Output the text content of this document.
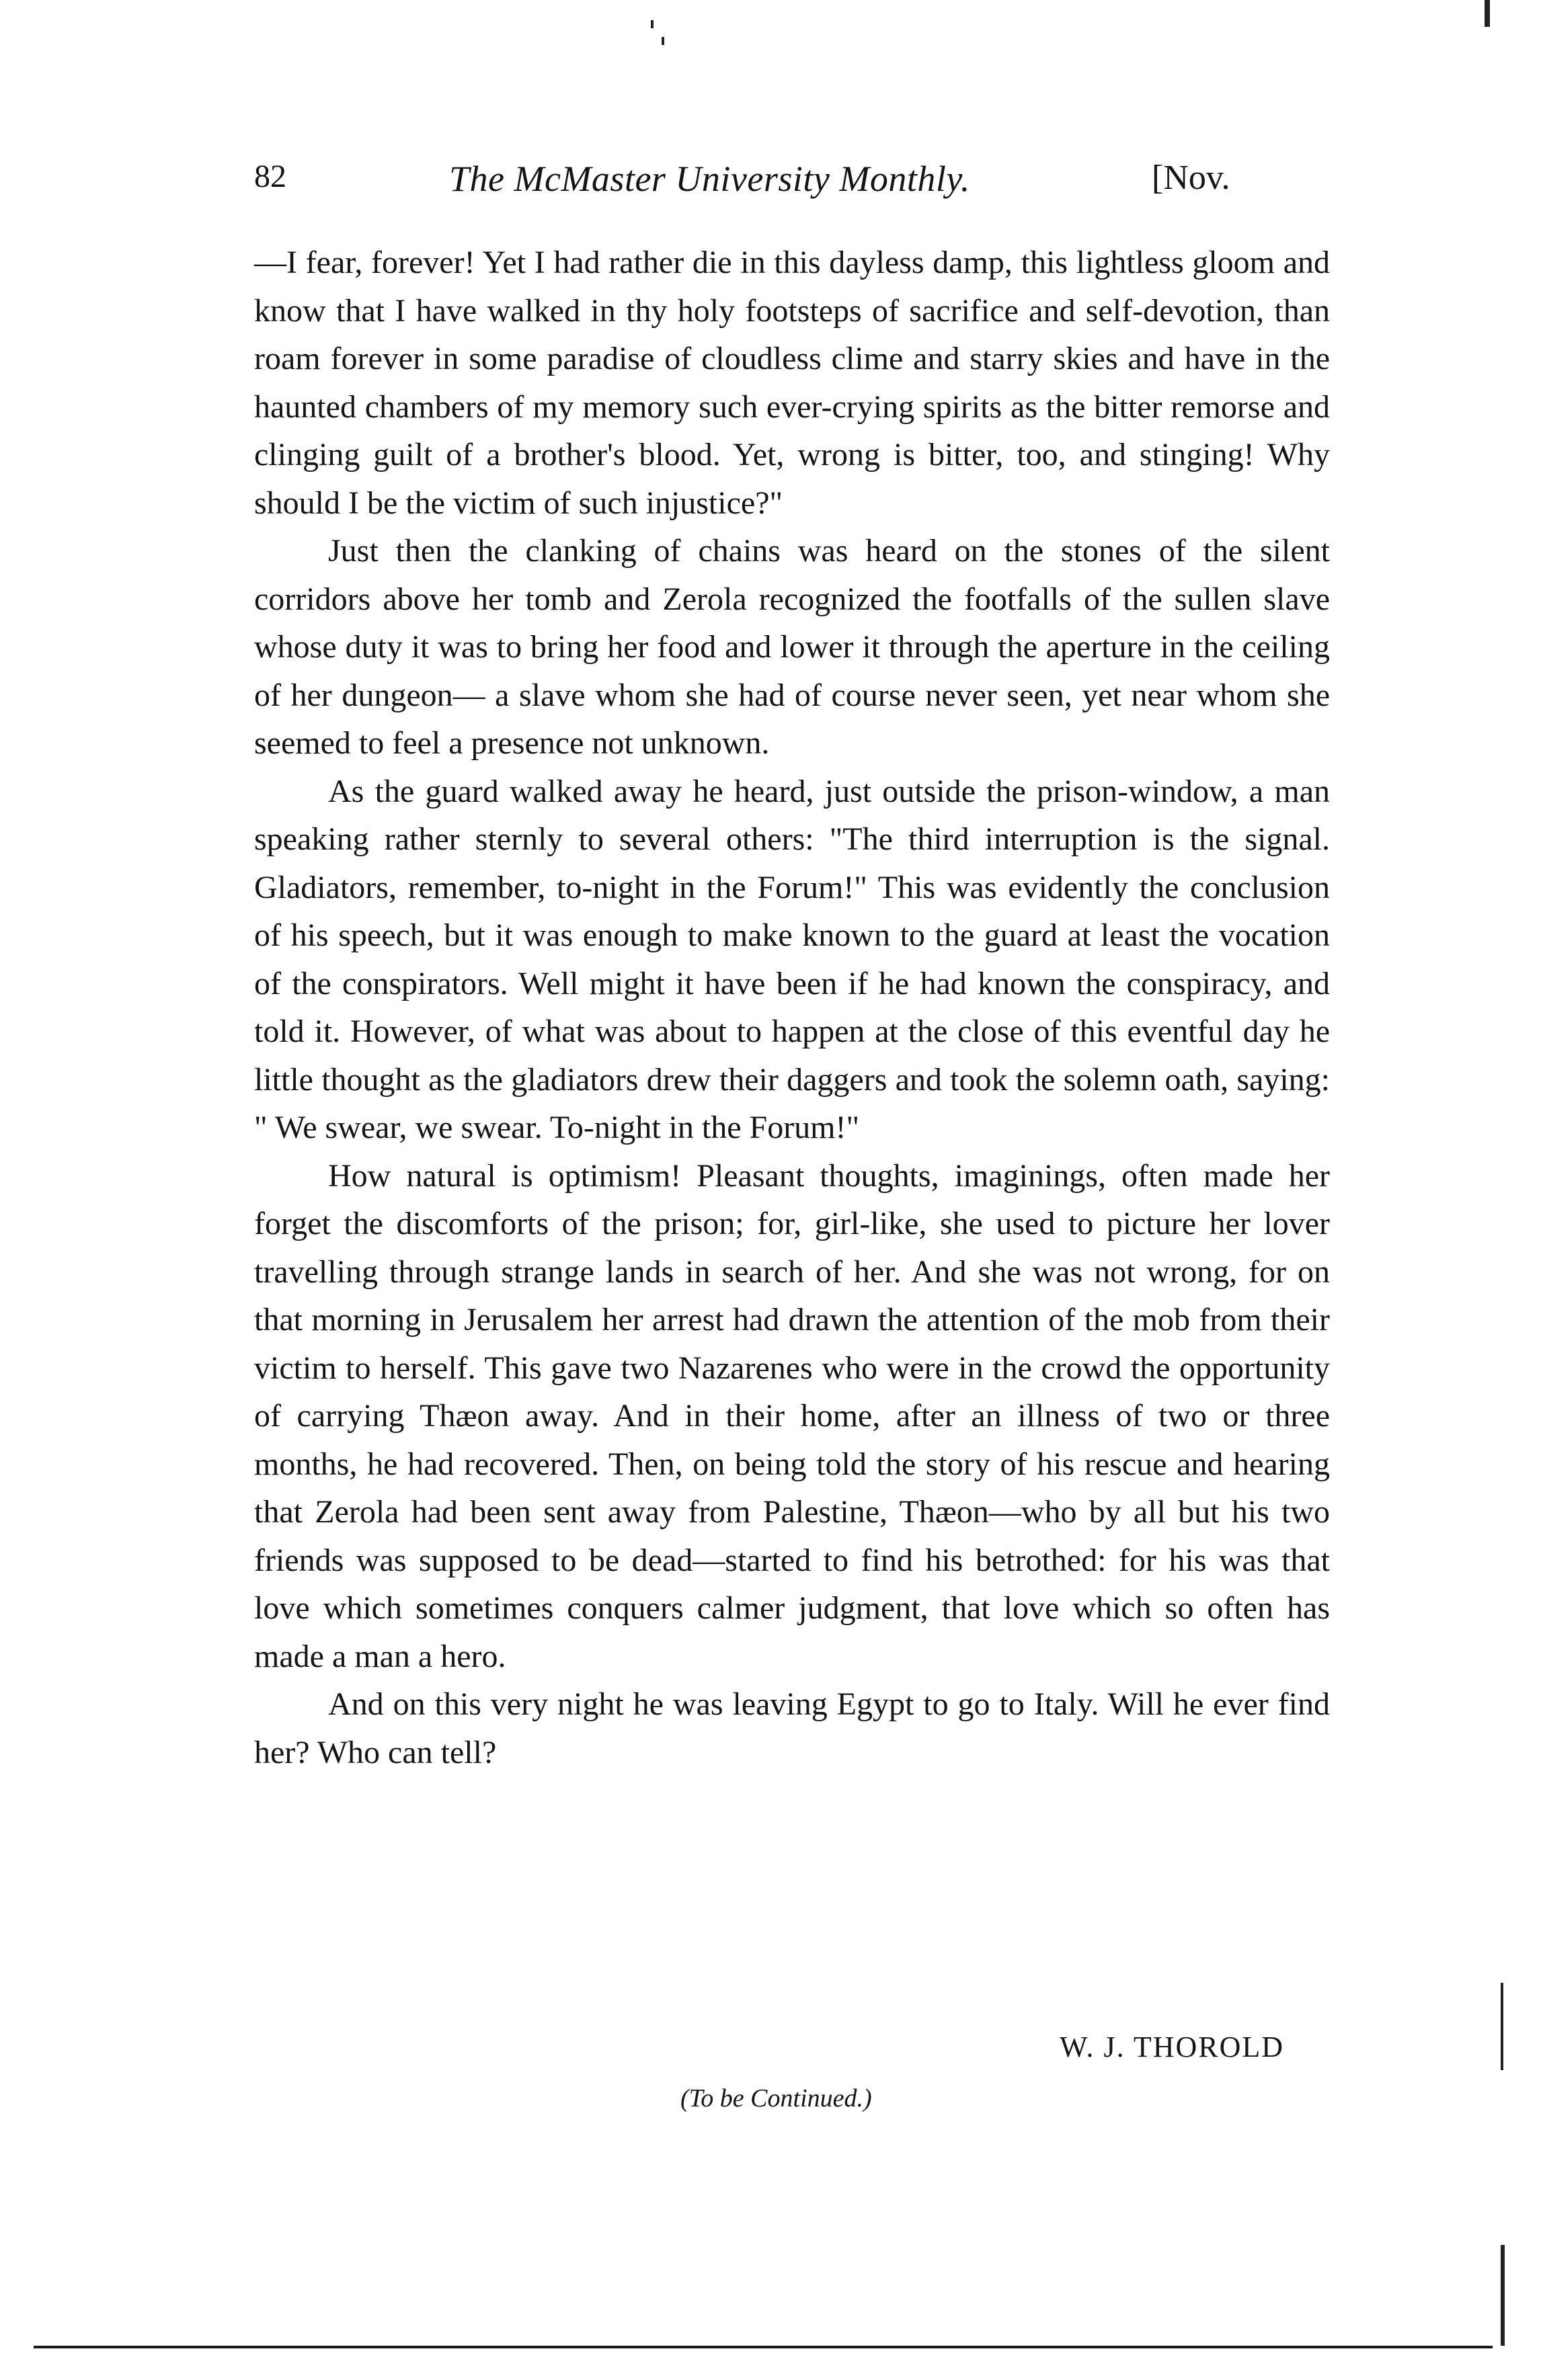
82	The McMaster University Monthly.	[Nov.

—I fear, forever! Yet I had rather die in this dayless damp, this lightless gloom and know that I have walked in thy holy footsteps of sacrifice and self-devotion, than roam forever in some paradise of cloudless clime and starry skies and have in the haunted chambers of my memory such ever-crying spirits as the bitter remorse and clinging guilt of a brother's blood. Yet, wrong is bitter, too, and stinging! Why should I be the victim of such injustice?"

Just then the clanking of chains was heard on the stones of the silent corridors above her tomb and Zerola recognized the footfalls of the sullen slave whose duty it was to bring her food and lower it through the aperture in the ceiling of her dungeon— a slave whom she had of course never seen, yet near whom she seemed to feel a presence not unknown.

As the guard walked away he heard, just outside the prison-window, a man speaking rather sternly to several others: "The third interruption is the signal. Gladiators, remember, to-night in the Forum!" This was evidently the conclusion of his speech, but it was enough to make known to the guard at least the vocation of the conspirators. Well might it have been if he had known the conspiracy, and told it. However, of what was about to happen at the close of this eventful day he little thought as the gladiators drew their daggers and took the solemn oath, saying: " We swear, we swear. To-night in the Forum!"

How natural is optimism! Pleasant thoughts, imaginings, often made her forget the discomforts of the prison; for, girl-like, she used to picture her lover travelling through strange lands in search of her. And she was not wrong, for on that morning in Jerusalem her arrest had drawn the attention of the mob from their victim to herself. This gave two Nazarenes who were in the crowd the opportunity of carrying Thæon away. And in their home, after an illness of two or three months, he had recovered. Then, on being told the story of his rescue and hearing that Zerola had been sent away from Palestine, Thæon—who by all but his two friends was supposed to be dead—started to find his betrothed: for his was that love which sometimes conquers calmer judgment, that love which so often has made a man a hero.

And on this very night he was leaving Egypt to go to Italy. Will he ever find her? Who can tell?

W. J. THOROLD
(To be Continued.)
